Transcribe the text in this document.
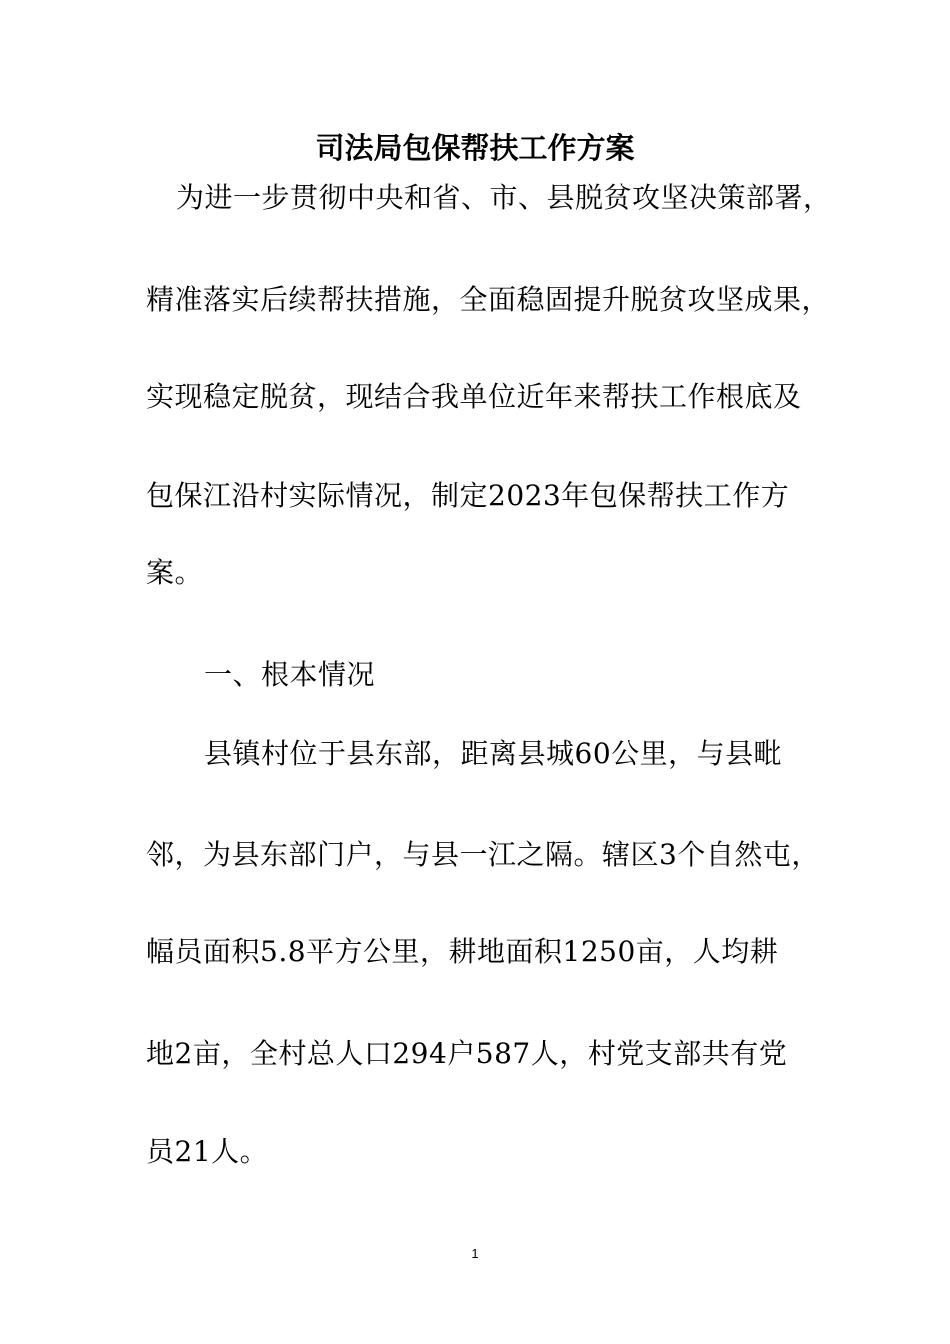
司法局包保帮扶工作方案
为进一步贯彻中央和省、市、县脱贫攻坚决策部署，
精准落实后续帮扶措施，全面稳固提升脱贫攻坚成果，
实现稳定脱贫，现结合我单位近年来帮扶工作根底及
包保江沿村实际情况，制定2023年包保帮扶工作方
案。
一、根本情况
县镇村位于县东部，距离县城60公里，与县毗
邻，为县东部门户，与县一江之隔。辖区3个自然屯，
幅员面积5.8平方公里，耕地面积1250亩，人均耕
地2亩，全村总人口294户587人，村党支部共有党
员21人。
1
